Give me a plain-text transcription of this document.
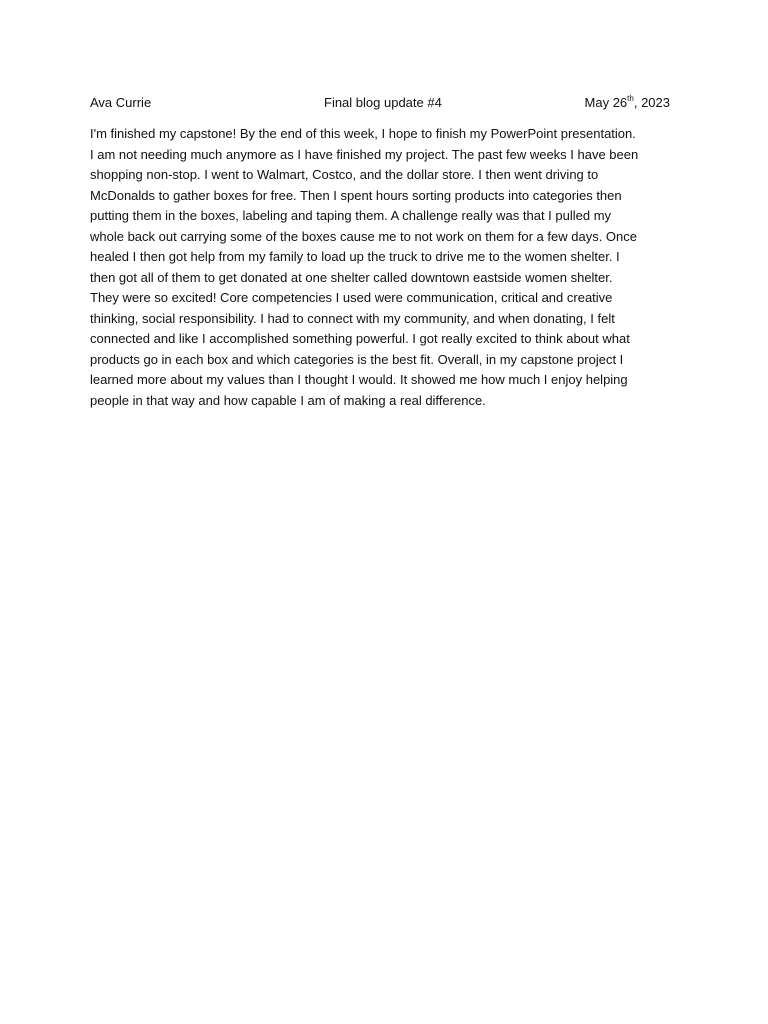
Ava Currie	Final blog update #4	May 26th, 2023
I'm finished my capstone! By the end of this week, I hope to finish my PowerPoint presentation.
I am not needing much anymore as I have finished my project. The past few weeks I have been
shopping non-stop. I went to Walmart, Costco, and the dollar store. I then went driving to
McDonalds to gather boxes for free. Then I spent hours sorting products into categories then
putting them in the boxes, labeling and taping them. A challenge really was that I pulled my
whole back out carrying some of the boxes cause me to not work on them for a few days. Once
healed I then got help from my family to load up the truck to drive me to the women shelter. I
then got all of them to get donated at one shelter called downtown eastside women shelter.
They were so excited! Core competencies I used were communication, critical and creative
thinking, social responsibility. I had to connect with my community, and when donating, I felt
connected and like I accomplished something powerful. I got really excited to think about what
products go in each box and which categories is the best fit. Overall, in my capstone project I
learned more about my values than I thought I would. It showed me how much I enjoy helping
people in that way and how capable I am of making a real difference.
